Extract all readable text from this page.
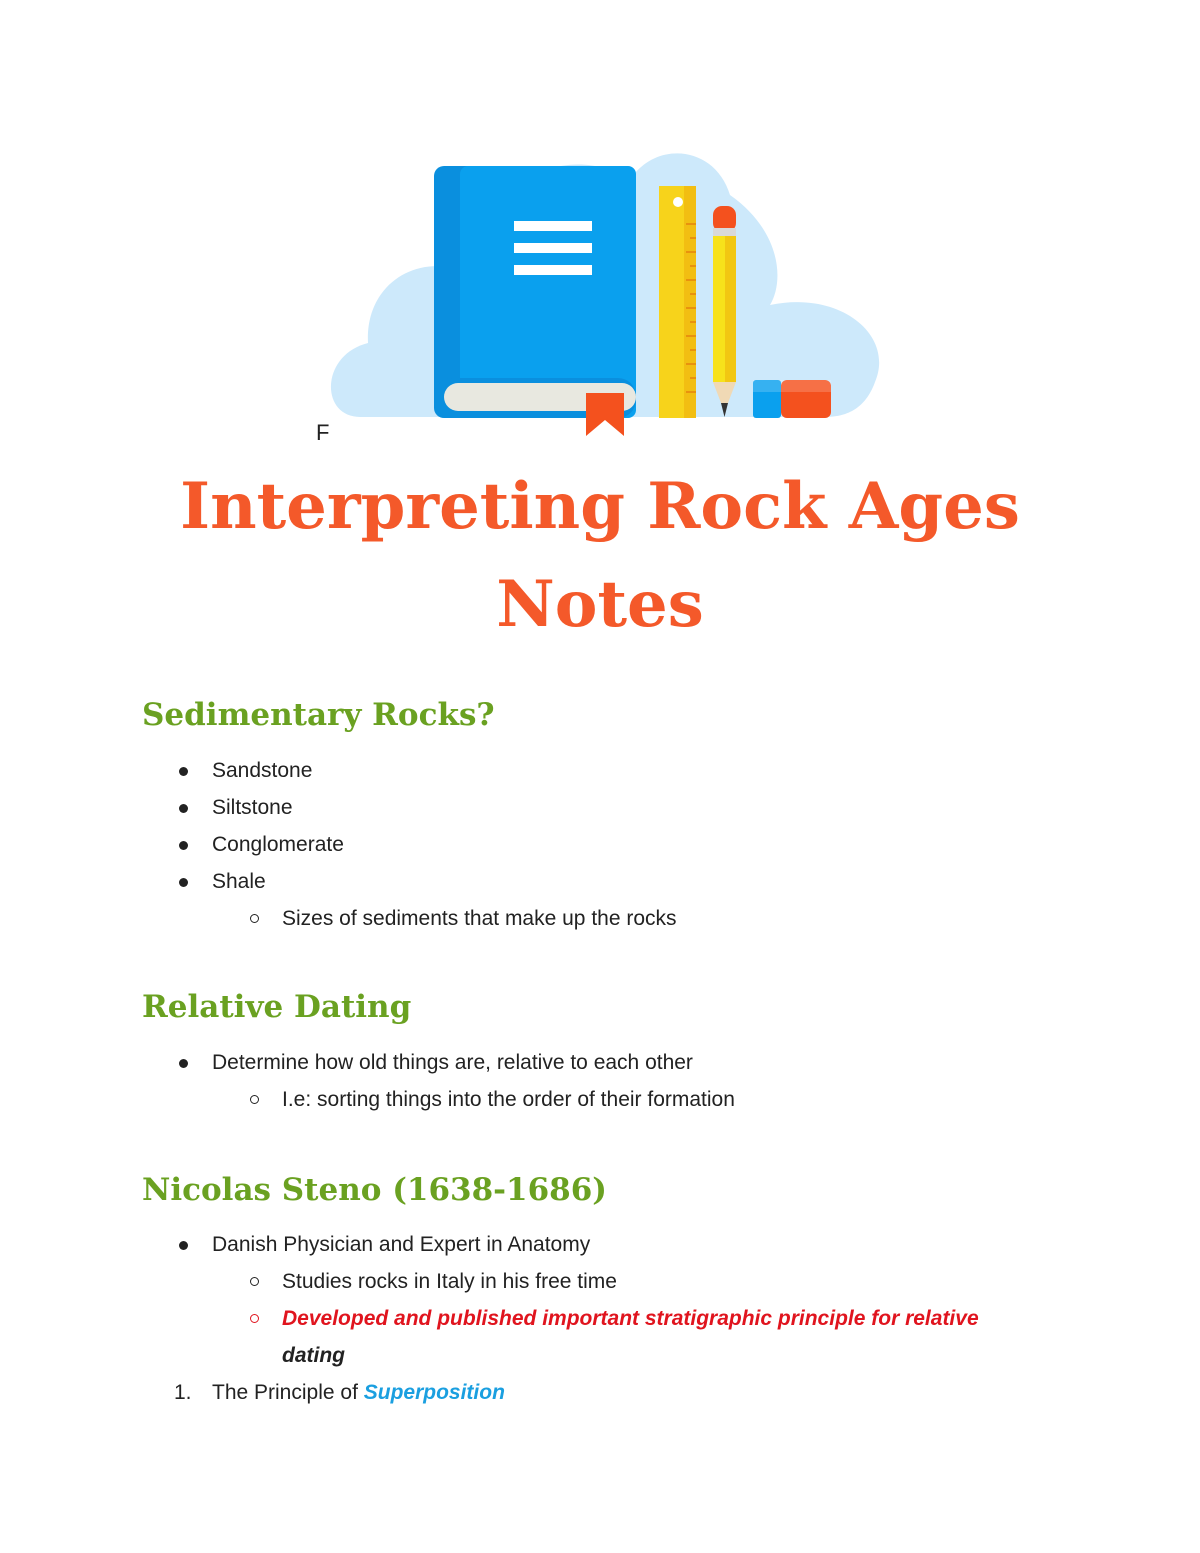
F
Interpreting Rock Ages
Notes
Sedimentary Rocks?
Sandstone
Siltstone
Conglomerate
Shale
Sizes of sediments that make up the rocks
Relative Dating
Determine how old things are, relative to each other
I.e: sorting things into the order of their formation
Nicolas Steno (1638-1686)
Danish Physician and Expert in Anatomy
Studies rocks in Italy in his free time
Developed and published important stratigraphic principle for relative
dating
1. The Principle of Superposition
